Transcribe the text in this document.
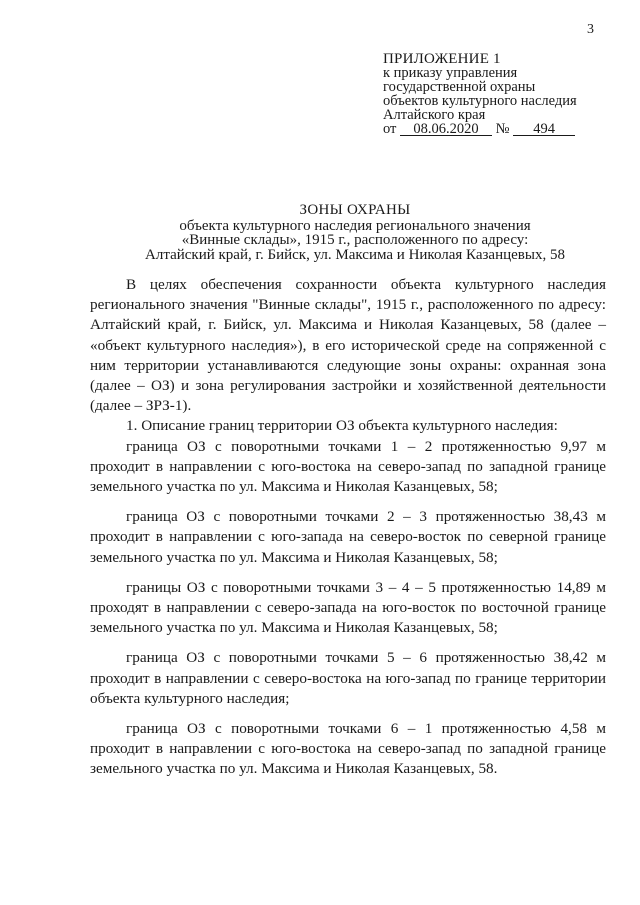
3
ПРИЛОЖЕНИЕ 1
к приказу управления
государственной охраны
объектов культурного наследия
Алтайского края
от 08.06.2020 № 494
ЗОНЫ ОХРАНЫ
объекта культурного наследия регионального значения
«Винные склады», 1915 г., расположенного по адресу:
Алтайский край, г. Бийск, ул. Максима и Николая Казанцевых, 58

В целях обеспечения сохранности объекта культурного наследия регионального значения "Винные склады", 1915 г., расположенного по адресу: Алтайский край, г. Бийск, ул. Максима и Николая Казанцевых, 58 (далее – «объект культурного наследия»), в его исторической среде на сопряженной с ним территории устанавливаются следующие зоны охраны: охранная зона (далее – ОЗ) и зона регулирования застройки и хозяйственной деятельности (далее – ЗРЗ-1).

1. Описание границ территории ОЗ объекта культурного наследия:

граница ОЗ с поворотными точками 1 – 2 протяженностью 9,97 м проходит в направлении с юго-востока на северо-запад по западной границе земельного участка по ул. Максима и Николая Казанцевых, 58;

граница ОЗ с поворотными точками 2 – 3 протяженностью 38,43 м проходит в направлении с юго-запада на северо-восток по северной границе земельного участка по ул. Максима и Николая Казанцевых, 58;

границы ОЗ с поворотными точками 3 – 4 – 5 протяженностью 14,89 м проходят в направлении с северо-запада на юго-восток по восточной границе земельного участка по ул. Максима и Николая Казанцевых, 58;

граница ОЗ с поворотными точками 5 – 6 протяженностью 38,42 м проходит в направлении с северо-востока на юго-запад по границе территории объекта культурного наследия;

граница ОЗ с поворотными точками 6 – 1 протяженностью 4,58 м проходит в направлении с юго-востока на северо-запад по западной границе земельного участка по ул. Максима и Николая Казанцевых, 58.
